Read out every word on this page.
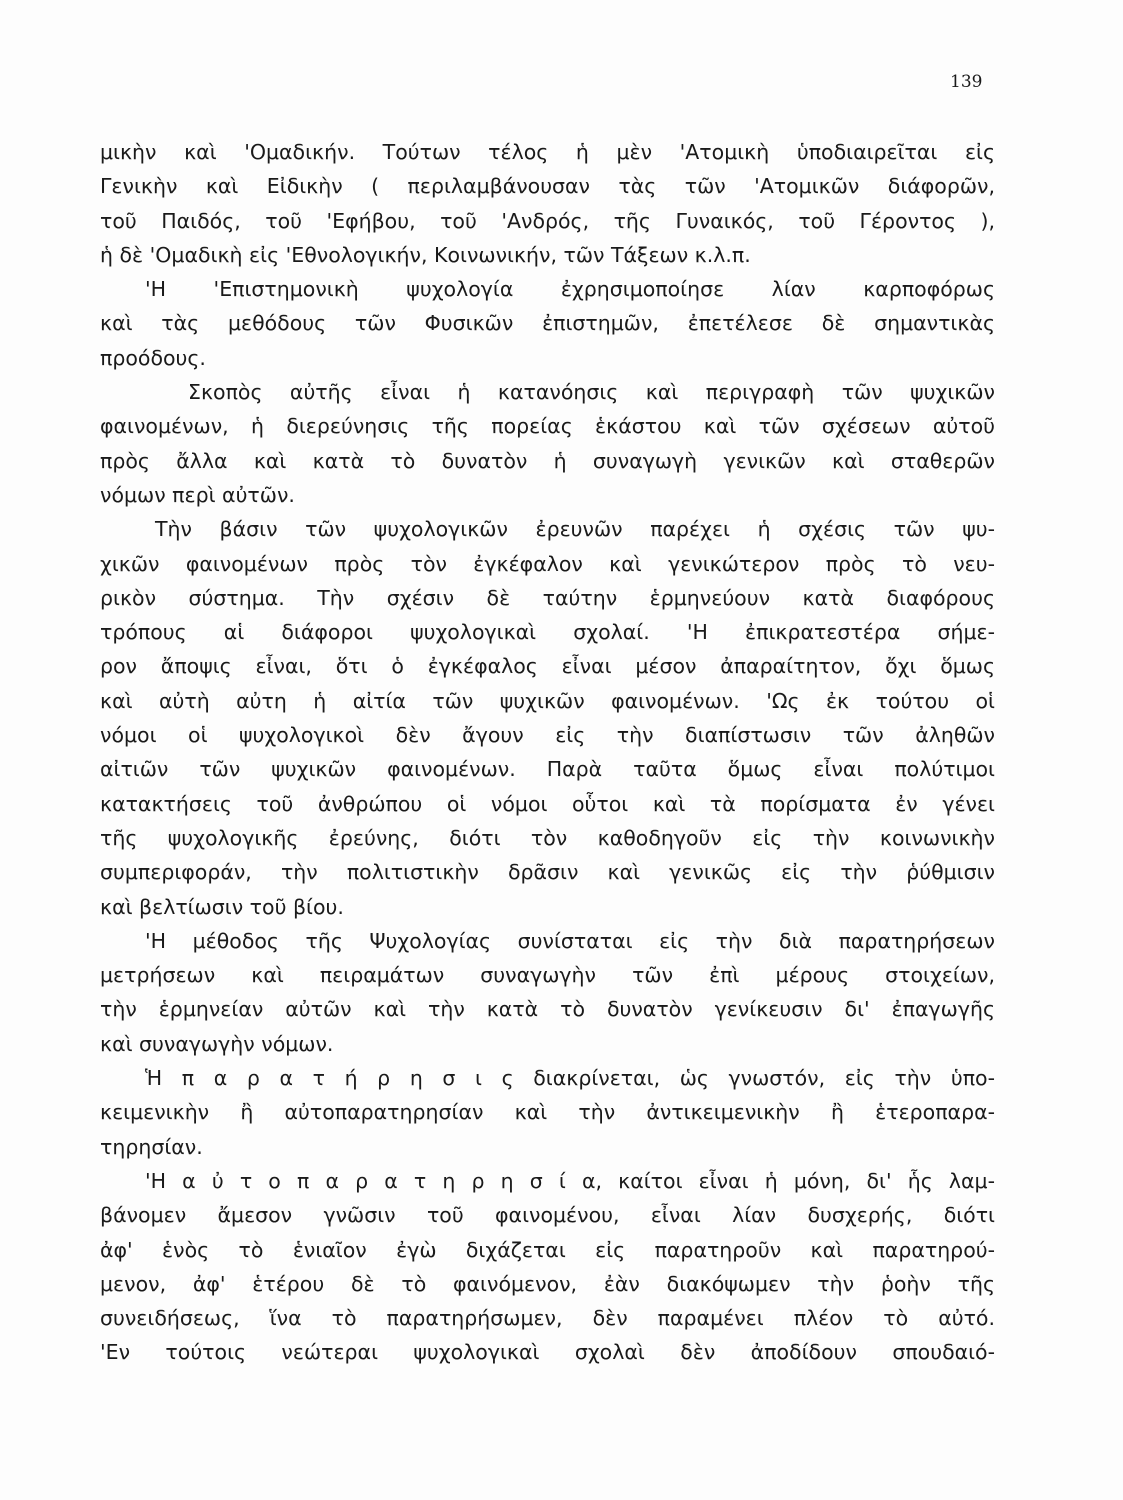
139
μικὴν καὶ 'Ομαδικήν. Τούτων τέλος ἡ μὲν 'Ατομικὴ ὑποδιαιρεῖται εἰς
Γενικὴν καὶ Εἰδικὴν ( περιλαμβάνουσαν τὰς τῶν 'Ατομικῶν διάφορῶν,
τοῦ Παιδός, τοῦ 'Εφήβου, τοῦ 'Ανδρός, τῆς Γυναικός, τοῦ Γέροντος ),
ἡ δὲ 'Ομαδικὴ εἰς 'Εθνολογικήν, Κοινωνικήν, τῶν Τάξεων κ.λ.π.
'Η 'Επιστημονικὴ ψυχολογία ἐχρησιμοποίησε λίαν καρποφόρως
καὶ τὰς μεθόδους τῶν Φυσικῶν ἐπιστημῶν, ἐπετέλεσε δὲ σημαντικὰς
προόδους.
Σκοπὸς αὐτῆς εἶναι ἡ κατανόησις καὶ περιγραφὴ τῶν ψυχικῶν
φαινομένων, ἡ διερεύνησις τῆς πορείας ἑκάστου καὶ τῶν σχέσεων αὐτοῦ
πρὸς ἄλλα καὶ κατὰ τὸ δυνατὸν ἡ συναγωγὴ γενικῶν καὶ σταθερῶν
νόμων περὶ αὐτῶν.
Τὴν βάσιν τῶν ψυχολογικῶν ἐρευνῶν παρέχει ἡ σχέσις τῶν ψυ-
χικῶν φαινομένων πρὸς τὸν ἐγκέφαλον καὶ γενικώτερον πρὸς τὸ νευ-
ρικὸν σύστημα. Τὴν σχέσιν δὲ ταύτην ἑρμηνεύουν κατὰ διαφόρους
τρόπους αἱ διάφοροι ψυχολογικαὶ σχολαί. 'Η ἐπικρατεστέρα σήμε-
ρον ἄποψις εἶναι, ὅτι ὁ ἐγκέφαλος εἶναι μέσον ἀπαραίτητον, ὄχι ὅμως
καὶ αὐτὴ αὐτη ἡ αἰτία τῶν ψυχικῶν φαινομένων. 'Ως ἐκ τούτου οἱ
νόμοι οἱ ψυχολογικοὶ δὲν ἄγουν εἰς τὴν διαπίστωσιν τῶν ἀληθῶν
αἰτιῶν τῶν ψυχικῶν φαινομένων. Παρὰ ταῦτα ὅμως εἶναι πολύτιμοι
κατακτήσεις τοῦ ἀνθρώπου οἱ νόμοι οὗτοι καὶ τὰ πορίσματα ἐν γένει
τῆς ψυχολογικῆς ἐρεύνης, διότι τὸν καθοδηγοῦν εἰς τὴν κοινωνικὴν
συμπεριφοράν, τὴν πολιτιστικὴν δρᾶσιν καὶ γενικῶς εἰς τὴν ῥύθμισιν
καὶ βελτίωσιν τοῦ βίου.
'Η μέθοδος τῆς Ψυχολογίας συνίσταται εἰς τὴν διὰ παρατηρήσεων
μετρήσεων καὶ πειραμάτων συναγωγὴν τῶν ἐπὶ μέρους στοιχείων,
τὴν ἑρμηνείαν αὐτῶν καὶ τὴν κατὰ τὸ δυνατὸν γενίκευσιν δι' ἐπαγωγῆς
καὶ συναγωγὴν νόμων.
Ἡ π α ρ α τ ή ρ η σ ι ς διακρίνεται, ὡς γνωστόν, εἰς τὴν ὑπο-
κειμενικὴν ἢ αὐτοπαρατηρησίαν καὶ τὴν ἀντικειμενικὴν ἢ ἑτεροπαρα-
τηρησίαν.
'Η α ὐ τ ο π α ρ α τ η ρ η σ ί α, καίτοι εἶναι ἡ μόνη, δι' ἧς λαμ-
βάνομεν ἄμεσον γνῶσιν τοῦ φαινομένου, εἶναι λίαν δυσχερής, διότι
ἀφ' ἑνὸς τὸ ἑνιαῖον ἐγὼ διχάζεται εἰς παρατηροῦν καὶ παρατηρού-
μενον, ἀφ' ἑτέρου δὲ τὸ φαινόμενον, ἐὰν διακόψωμεν τὴν ῥοὴν τῆς
συνειδήσεως, ἵνα τὸ παρατηρήσωμεν, δὲν παραμένει πλέον τὸ αὐτό.
'Εν τούτοις νεώτεραι ψυχολογικαὶ σχολαὶ δὲν ἀποδίδουν σπουδαιό-
